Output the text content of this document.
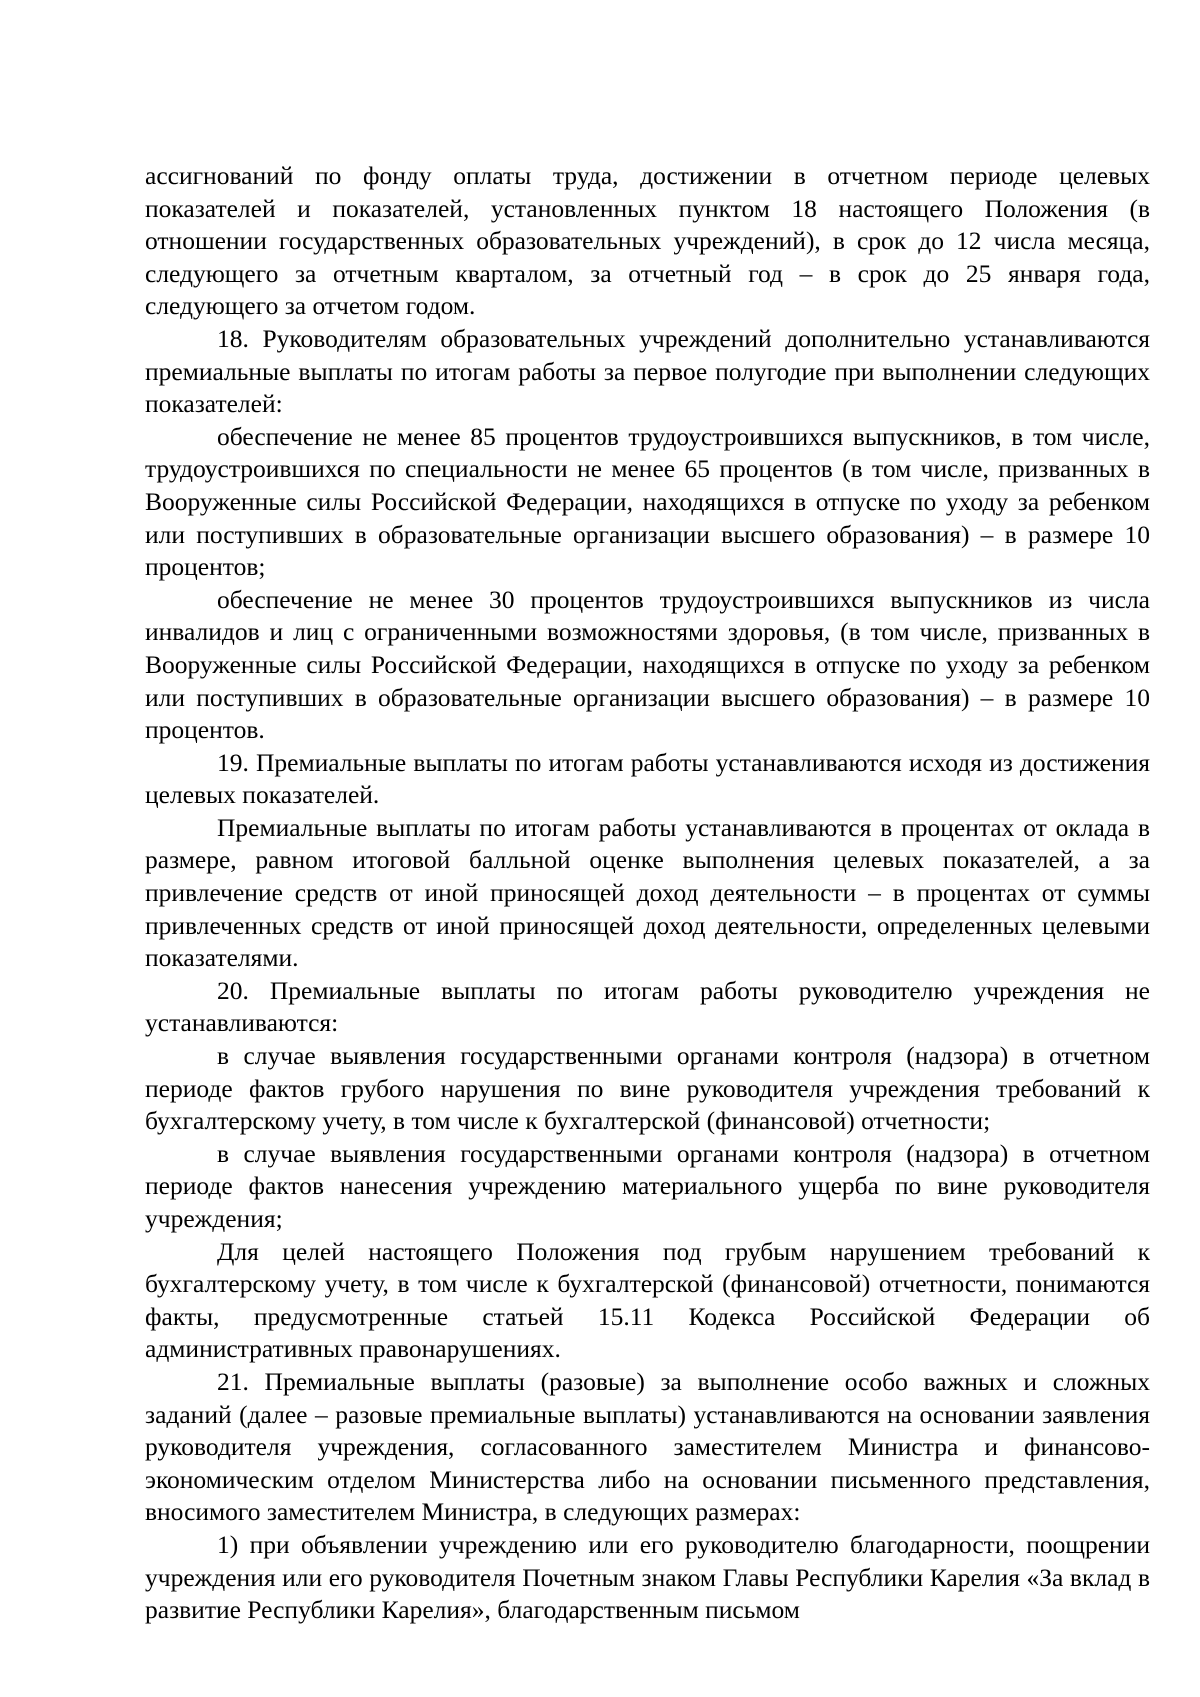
ассигнований по фонду оплаты труда, достижении в отчетном периоде целевых показателей и показателей, установленных пунктом 18 настоящего Положения (в отношении государственных образовательных учреждений), в срок до 12 числа месяца, следующего за отчетным кварталом, за отчетный год – в срок до 25 января года, следующего за отчетом годом.

18. Руководителям образовательных учреждений дополнительно устанавливаются премиальные выплаты по итогам работы за первое полугодие при выполнении следующих показателей:

обеспечение не менее 85 процентов трудоустроившихся выпускников, в том числе, трудоустроившихся по специальности не менее 65 процентов (в том числе, призванных в Вооруженные силы Российской Федерации, находящихся в отпуске по уходу за ребенком или поступивших в образовательные организации высшего образования) – в размере 10 процентов;

обеспечение не менее 30 процентов трудоустроившихся выпускников из числа инвалидов и лиц с ограниченными возможностями здоровья, (в том числе, призванных в Вооруженные силы Российской Федерации, находящихся в отпуске по уходу за ребенком или поступивших в образовательные организации высшего образования) – в размере 10 процентов.

19. Премиальные выплаты по итогам работы устанавливаются исходя из достижения целевых показателей.

Премиальные выплаты по итогам работы устанавливаются в процентах от оклада в размере, равном итоговой балльной оценке выполнения целевых показателей, а за привлечение средств от иной приносящей доход деятельности – в процентах от суммы привлеченных средств от иной приносящей доход деятельности, определенных целевыми показателями.

20. Премиальные выплаты по итогам работы руководителю учреждения не устанавливаются:

в случае выявления государственными органами контроля (надзора) в отчетном периоде фактов грубого нарушения по вине руководителя учреждения требований к бухгалтерскому учету, в том числе к бухгалтерской (финансовой) отчетности;

в случае выявления государственными органами контроля (надзора) в отчетном периоде фактов нанесения учреждению материального ущерба по вине руководителя учреждения;

Для целей настоящего Положения под грубым нарушением требований к бухгалтерскому учету, в том числе к бухгалтерской (финансовой) отчетности, понимаются факты, предусмотренные статьей 15.11 Кодекса Российской Федерации об административных правонарушениях.

21. Премиальные выплаты (разовые) за выполнение особо важных и сложных заданий (далее – разовые премиальные выплаты) устанавливаются на основании заявления руководителя учреждения, согласованного заместителем Министра и финансово-экономическим отделом Министерства либо на основании письменного представления, вносимого заместителем Министра, в следующих размерах:

1) при объявлении учреждению или его руководителю благодарности, поощрении учреждения или его руководителя Почетным знаком Главы Республики Карелия «За вклад в развитие Республики Карелия», благодарственным письмом
